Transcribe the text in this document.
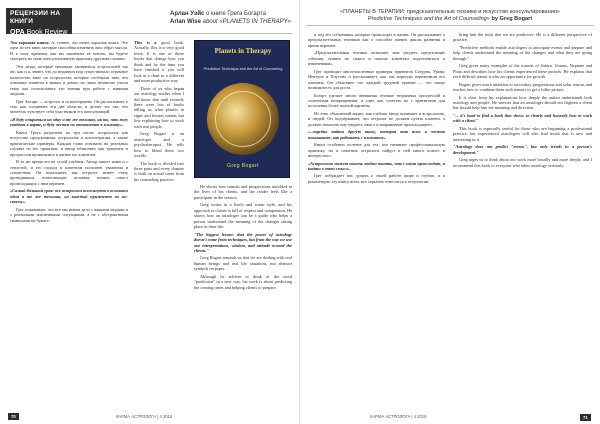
РЕЦЕНЗИИ НА КНИГИ
OPA Book Review
Арлан Уэйс о книге Грега Богарта
Arlan Wise about «PLANETS IN THERAPY»

Это хорошая книга. А, точнее, это очень хорошая книга. Это одна из тех книг, которые способны изменить ваш образ мысли. И к тому времени, как вы закончите её читать, вы будете смотреть на свою консультативную практику другими глазами.

Эти люди, которые начинали заниматься астрологией так же, как и я, знают, что до недавних пор существовало огромное количество книг по астрологии, которые сообщали нам, что означают планеты в знаках и домах, но лишь немногие учили тому, как использовать эти знания при работе с живыми людьми.

Грег Богарт — астролог и психотерапевт. Он рассказывает о том, как соединить эти две области, и делает это так, что читатель чувствует себя участником его консультаций.

«Я буду опираться на одну и ту же технику, на то, что могу увидеть в карте, и буду честен по отношению к клиенту».

Книга Грега разделена на три части: астрология как искусство предсказания, астрология и психотерапия, а также практические примеры. Каждая глава основана на реальных случаях из его практики, и автор объясняет, как транзиты и прогрессии проявлялись в жизни его клиентов.

В то же время это не сухой учебник. Автор пишет живо и с теплотой, и его подход к клиентам исполнен уважения и сочувствия. Он показывает, как астролог может стать проводником, помогающим человеку понять смысл происходящих с ним перемен.

«Самый большой урок: все астрологи используют в основном одни и те же техники, но каждый применяет их по-своему».

Грег показывает, что все мы имеем дело с живыми людьми и с реальными жизненными ситуациями, а не с абстрактными символами на бумаге.

This is a good book. Actually, this is a very good book. It is one of those books that change how you think and by the time you have finished it you will look at a chart in a different and more productive way.

Those of us who began our astrology studies when I did know that until recently there were lots of books telling us what planets in signs and houses meant, but few explaining how to work with real people.

Greg Bogart is an astrologer and a psychotherapist. He tells how to blend these two worlds.

The book is divided into three parts and every chapter is built on actual cases from his counseling practice.

Planets in Therapy
Predictive Technique and the Art of Counseling
Greg Bogart

He shows how transits and progressions unfolded in the lives of his clients, and the reader feels like a participant in the session.

Greg writes in a lively and warm style, and his approach to clients is full of respect and compassion. He shows how an astrologer can be a guide who helps a person understand the meaning of the changes taking place in their life.

"The biggest lesson: that the power of astrology doesn't come from techniques, but from the way we use our interpretations, wisdom, and attitude toward the clients."

Greg Bogart reminds us that we are dealing with real human beings and real life situations, not abstract symbols on paper.

Although he advises to think of the word "prediction" in a new way, his work is about predicting the coming times and helping clients to prepare.

70	КАРМА АСТРОЛОГА | 4 2016
«ПЛАНЕТЫ В ТЕРАПИИ: предсказательные техники и искусство консультирования»
Predictive Techniques and the Art of Counseling» by Greg Bogart

и под его событиями, которые происходят в жизни. Он рассказывает о предсказательных техниках как о способах понять циклы развития и время перемен.

«Предсказательная техника позволяет нам увидеть предстоящие события, понять их смысл и помочь клиентам подготовиться к изменениям».

Грег приводит многочисленные примеры транзитов Сатурна, Урана, Нептуна и Плутона и рассказывает, как эти периоды переживали его клиенты. Он объясняет, что каждый трудный транзит — это также возможность для роста.

Богарт уделяет много внимания технике вторичных прогрессий и солнечным возвращениям, и учит, как сочетать их с транзитами для получения более полной картины.

Из этих объяснений видно, как глубоко автор понимает и астрологию, и людей. Он подчёркивает, что астролог не должен пугать клиента, а должен помогать ему увидеть смысл и направление происходящего.

«...трудно найти другую книгу, которая так ясно и честно показывает, как работать с клиентом».

Книга особенно полезна для тех, кто начинает профессиональную практику, но и опытные астрологи найдут в ней много нового и интересного.

«Астрология может помочь людям понять, что с ними происходит, и найти в этом смысл».

Грег побуждает нас думать о своей работе шире и глубже, и я рекомендую эту книгу всем, кто серьёзно относится к астрологии.

bring him the tools that we are predictive. He is a different perspective of practice.

"Predictive methods enable astrologers to anticipate events and prepare and help clients understand the meaning of the changes and what they are going through."

Greg gives many examples of the transits of Saturn, Uranus, Neptune and Pluto and describes how his clients experienced these periods. He explains that each difficult transit is also an opportunity for growth.

Bogart gives much attention to secondary progressions and solar returns and teaches how to combine them with transits to get a fuller picture.

It is clear from his explanations how deeply the author understands both astrology and people. He stresses that an astrologer should not frighten a client but should help him see meaning and direction.

"... it's hard to find a book that shows so clearly and honestly how to work with a client."

This book is especially useful for those who are beginning a professional practice, but experienced astrologers will also find much that is new and interesting in it.

"Astrology does not predict "events", but only trends in a person's development."

Greg urges us to think about our work more broadly and more deeply, and I recommend this book to everyone who takes astrology seriously.

КАРМА АСТРОЛОГА | 4 2016	71
